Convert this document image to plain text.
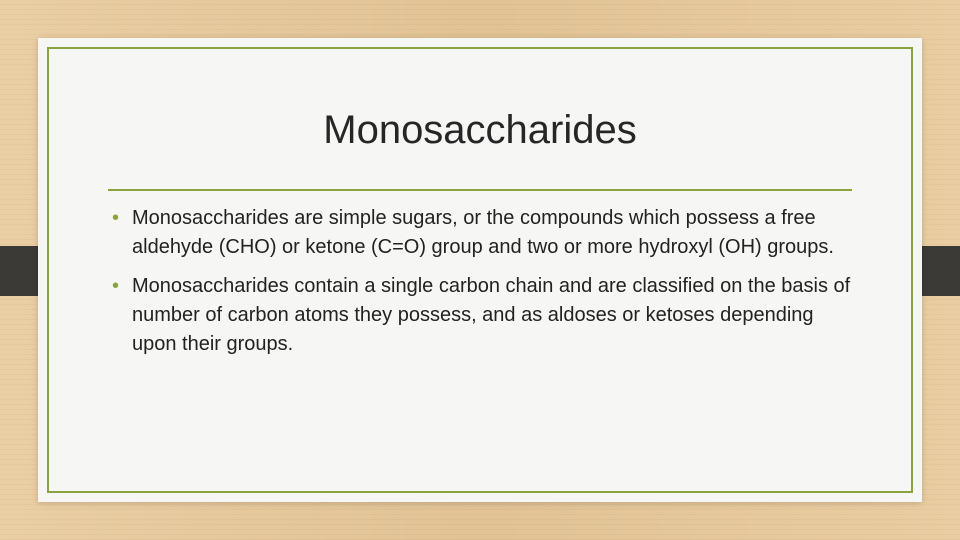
Monosaccharides
• Monosaccharides are simple sugars, or the compounds which possess a free aldehyde (CHO) or ketone (C=O) group and two or more hydroxyl (OH) groups.
• Monosaccharides contain a single carbon chain and are classified on the basis of number of carbon atoms they possess, and as aldoses or ketoses depending upon their groups.
